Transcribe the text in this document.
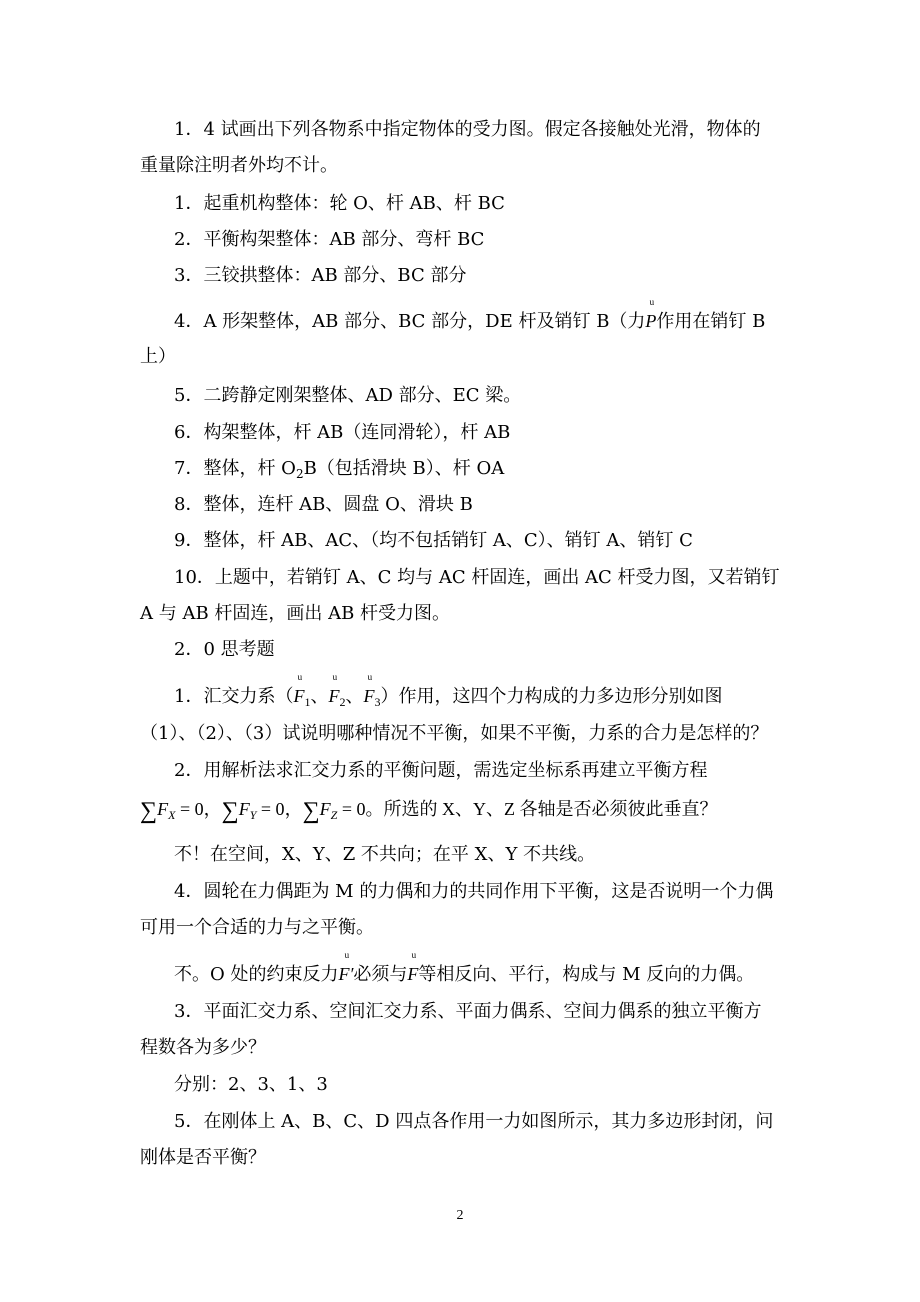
1．4 试画出下列各物系中指定物体的受力图。假定各接触处光滑，物体的
重量除注明者外均不计。
1．起重机构整体：轮 O、杆 AB、杆 BC
2．平衡构架整体：AB 部分、弯杆 BC
3．三铰拱整体：AB 部分、BC 部分
4．A 形架整体，AB 部分、BC 部分，DE 杆及销钉 B（力u P作用在销钉 B
上）
5．二跨静定刚架整体、AD 部分、EC 梁。
6．构架整体，杆 AB（连同滑轮），杆 AB
7．整体，杆 $O_2B$（包括滑块 B）、杆 OA
8．整体，连杆 AB、圆盘 O、滑块 B
9．整体，杆 AB、AC、（均不包括销钉 A、C）、销钉 A、销钉 C
10．上题中，若销钉 A、C 均与 AC 杆固连，画出 AC 杆受力图，又若销钉
A 与 AB 杆固连，画出 AB 杆受力图。
2．0 思考题
1．汇交力系（u $F_1$、u $F_2$、u $F_3$）作用，这四个力构成的力多边形分别如图
（1）、（2）、（3）试说明哪种情况不平衡，如果不平衡，力系的合力是怎样的？
2．用解析法求汇交力系的平衡问题，需选定坐标系再建立平衡方程
$\sum F_X = 0$，$\sum F_Y = 0$，$\sum F_Z = 0$。所选的 X、Y、Z 各轴是否必须彼此垂直？
不！在空间，X、Y、Z 不共向；在平 X、Y 不共线。
4．圆轮在力偶距为 M 的力偶和力的共同作用下平衡，这是否说明一个力偶
可用一个合适的力与之平衡。
不。O 处的约束反力u F′必须与u F等相反向、平行，构成与 M 反向的力偶。
3．平面汇交力系、空间汇交力系、平面力偶系、空间力偶系的独立平衡方
程数各为多少？
分别：2、3、1、3
5．在刚体上 A、B、C、D 四点各作用一力如图所示，其力多边形封闭，问
刚体是否平衡？
2
